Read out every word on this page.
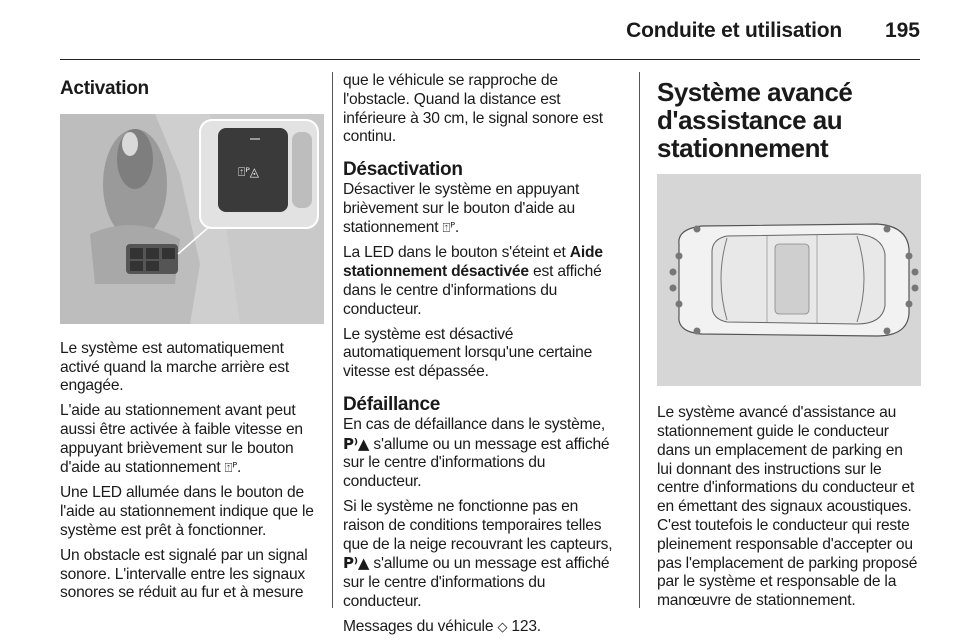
Conduite et utilisation 195
Activation
⍐ᴾ◬

Le système est automatiquement activé quand la marche arrière est engagée.

L'aide au stationnement avant peut aussi être activée à faible vitesse en appuyant brièvement sur le bouton d'aide au stationnement ⍐ᴾ.

Une LED allumée dans le bouton de l'aide au stationnement indique que le système est prêt à fonctionner.

Un obstacle est signalé par un signal sonore. L'intervalle entre les signaux sonores se réduit au fur et à mesure

que le véhicule se rapproche de l'obstacle. Quand la distance est inférieure à 30 cm, le signal sonore est continu.

Désactivation

Désactiver le système en appuyant brièvement sur le bouton d'aide au stationnement ⍐ᴾ.

La LED dans le bouton s'éteint et Aide stationnement désactivée est affiché dans le centre d'informations du conducteur.

Le système est désactivé automatiquement lorsqu'une certaine vitesse est dépassée.

Défaillance

En cas de défaillance dans le système, P⁾▲ s'allume ou un message est affiché sur le centre d'informations du conducteur.

Si le système ne fonctionne pas en raison de conditions temporaires telles que de la neige recouvrant les capteurs, P⁾▲ s'allume ou un message est affiché sur le centre d'informations du conducteur.

Messages du véhicule ◇ 123.

Système avancé d'assistance au stationnement

Le système avancé d'assistance au stationnement guide le conducteur dans un emplacement de parking en lui donnant des instructions sur le centre d'informations du conducteur et en émettant des signaux acoustiques. C'est toutefois le conducteur qui reste pleinement responsable d'accepter ou pas l'emplacement de parking proposé par le système et responsable de la manœuvre de stationnement.
